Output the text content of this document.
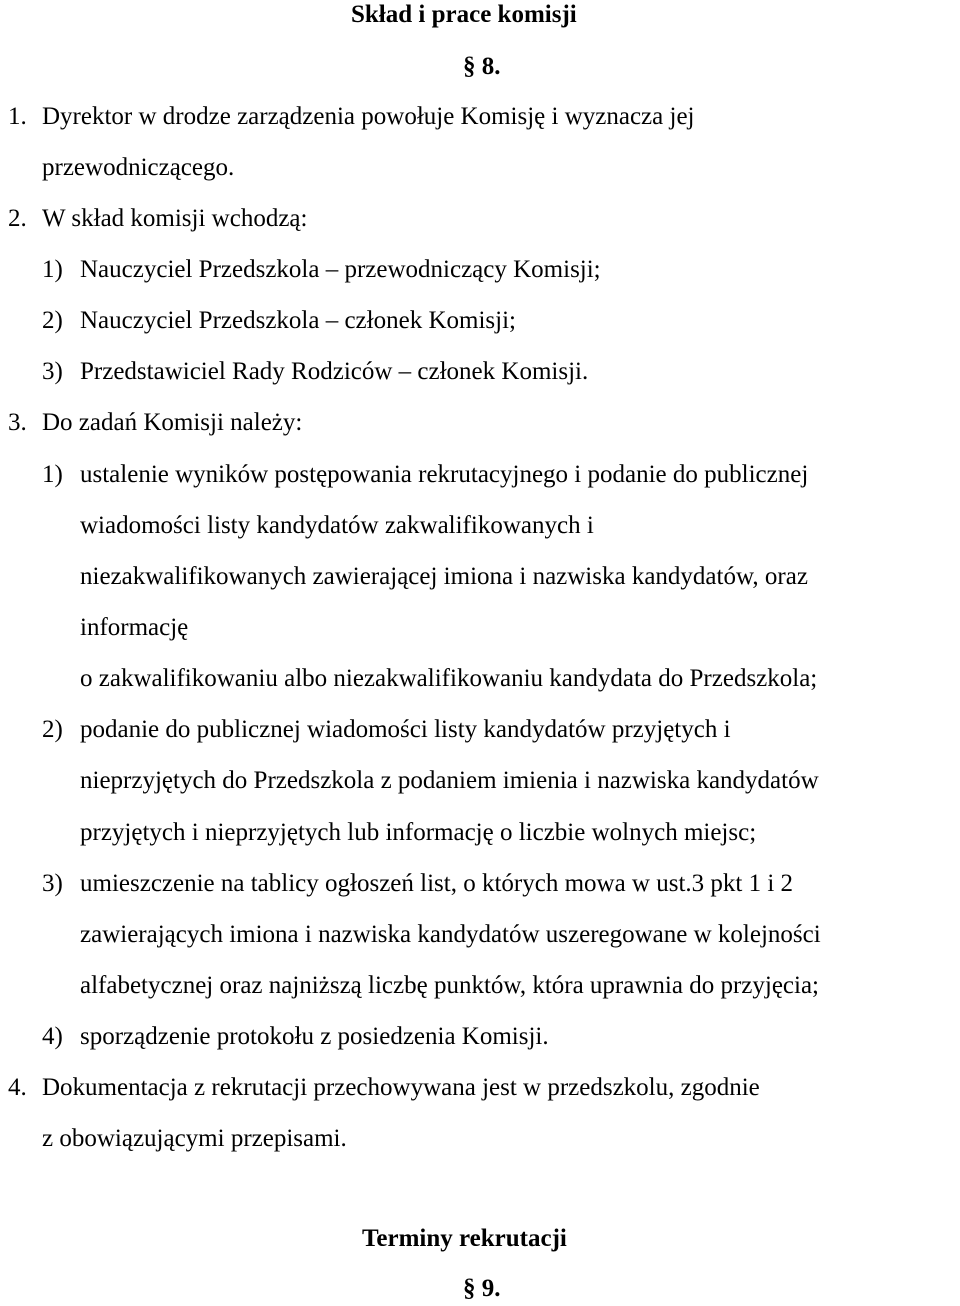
Skład i prace komisji
§ 8.
1. Dyrektor w drodze zarządzenia powołuje Komisję i wyznacza jej
przewodniczącego.
2. W skład komisji wchodzą:
1) Nauczyciel Przedszkola – przewodniczący Komisji;
2) Nauczyciel Przedszkola – członek Komisji;
3) Przedstawiciel Rady Rodziców – członek Komisji.
3. Do zadań Komisji należy:
1) ustalenie wyników postępowania rekrutacyjnego i podanie do publicznej
wiadomości listy kandydatów zakwalifikowanych i
niezakwalifikowanych zawierającej imiona i nazwiska kandydatów, oraz
informację
o zakwalifikowaniu albo niezakwalifikowaniu kandydata do Przedszkola;
2) podanie do publicznej wiadomości listy kandydatów przyjętych i
nieprzyjętych do Przedszkola z podaniem imienia i nazwiska kandydatów
przyjętych i nieprzyjętych lub informację o liczbie wolnych miejsc;
3) umieszczenie na tablicy ogłoszeń list, o których mowa w ust.3 pkt 1 i 2
zawierających imiona i nazwiska kandydatów uszeregowane w kolejności
alfabetycznej oraz najniższą liczbę punktów, która uprawnia do przyjęcia;
4) sporządzenie protokołu z posiedzenia Komisji.
4. Dokumentacja z rekrutacji przechowywana jest w przedszkolu, zgodnie
z obowiązującymi przepisami.
Terminy rekrutacji
§ 9.
